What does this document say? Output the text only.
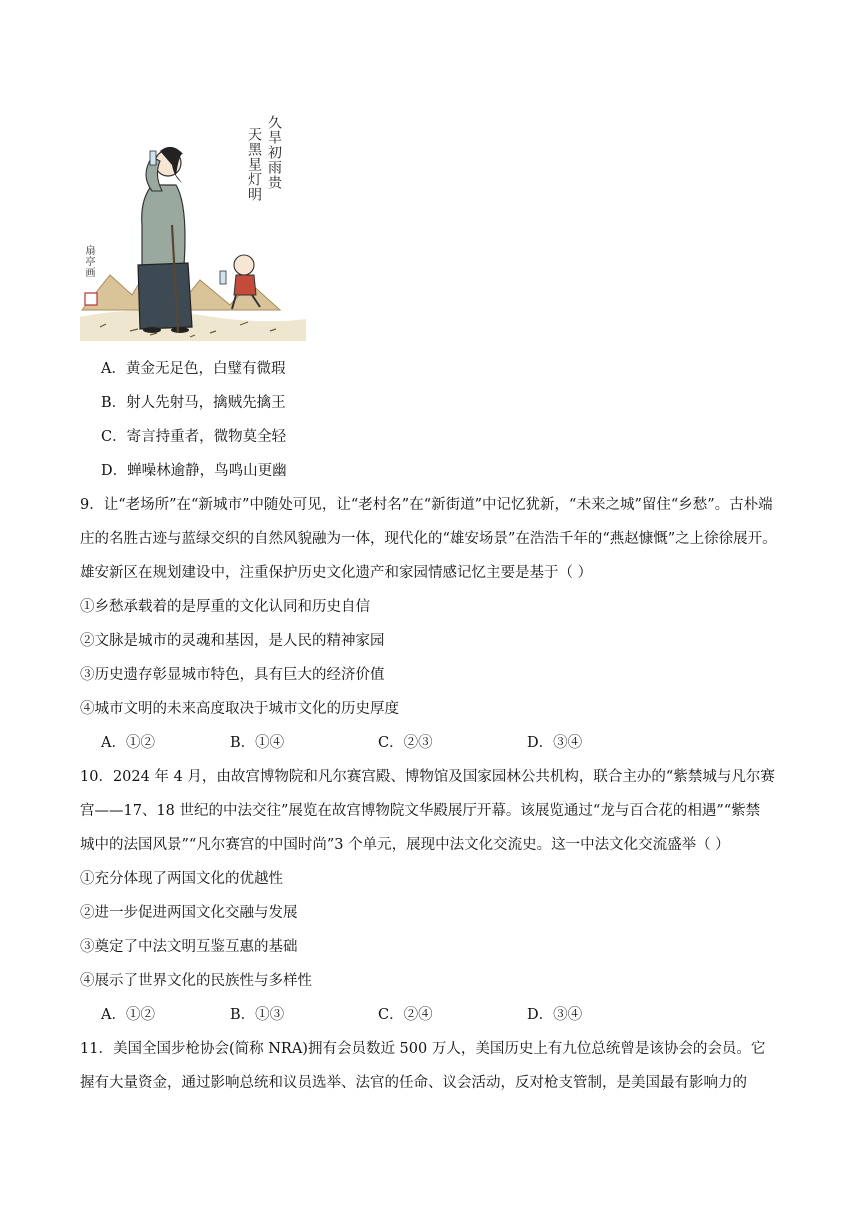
久旱初雨贵
天黑星灯明
扇亭画
A．黄金无足色，白璧有微瑕
B．射人先射马，擒贼先擒王
C．寄言持重者，微物莫全轻
D．蝉噪林逾静，鸟鸣山更幽
9．让“老场所”在“新城市”中随处可见，让“老村名”在“新街道”中记忆犹新，“未来之城”留住“乡愁”。古朴端
庄的名胜古迹与蓝绿交织的自然风貌融为一体，现代化的“雄安场景”在浩浩千年的“燕赵慷慨”之上徐徐展开。
雄安新区在规划建设中，注重保护历史文化遗产和家园情感记忆主要是基于（ ）
①乡愁承载着的是厚重的文化认同和历史自信
②文脉是城市的灵魂和基因，是人民的精神家园
③历史遗存彰显城市特色，具有巨大的经济价值
④城市文明的未来高度取决于城市文化的历史厚度
A．①②	B．①④	C．②③	D．③④
10．2024 年 4 月，由故宫博物院和凡尔赛宫殿、博物馆及国家园林公共机构，联合主办的“紫禁城与凡尔赛
宫——17、18 世纪的中法交往”展览在故宫博物院文华殿展厅开幕。该展览通过“龙与百合花的相遇”“紫禁
城中的法国风景”“凡尔赛宫的中国时尚”3 个单元，展现中法文化交流史。这一中法文化交流盛举（ ）
①充分体现了两国文化的优越性
②进一步促进两国文化交融与发展
③奠定了中法文明互鉴互惠的基础
④展示了世界文化的民族性与多样性
A．①②	B．①③	C．②④	D．③④
11．美国全国步枪协会(简称 NRA)拥有会员数近 500 万人，美国历史上有九位总统曾是该协会的会员。它
握有大量资金，通过影响总统和议员选举、法官的任命、议会活动，反对枪支管制，是美国最有影响力的
